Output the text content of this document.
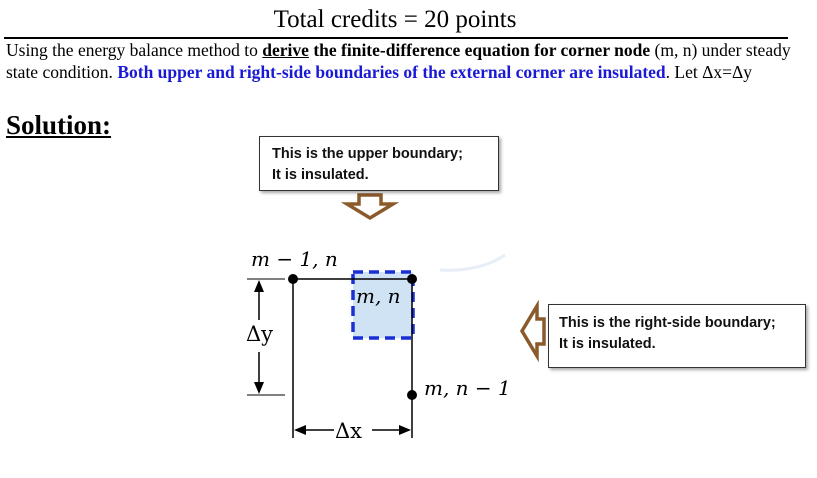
Total credits = 20 points
Using the energy balance method to derive the finite-difference equation for corner node (m, n) under steady state condition. Both upper and right-side boundaries of the external corner are insulated. Let Δx=Δy
Solution:
m − 1, n
m, n
m, n − 1
Δy
Δx
This is the upper boundary;
It is insulated.
This is the right-side boundary;
It is insulated.
